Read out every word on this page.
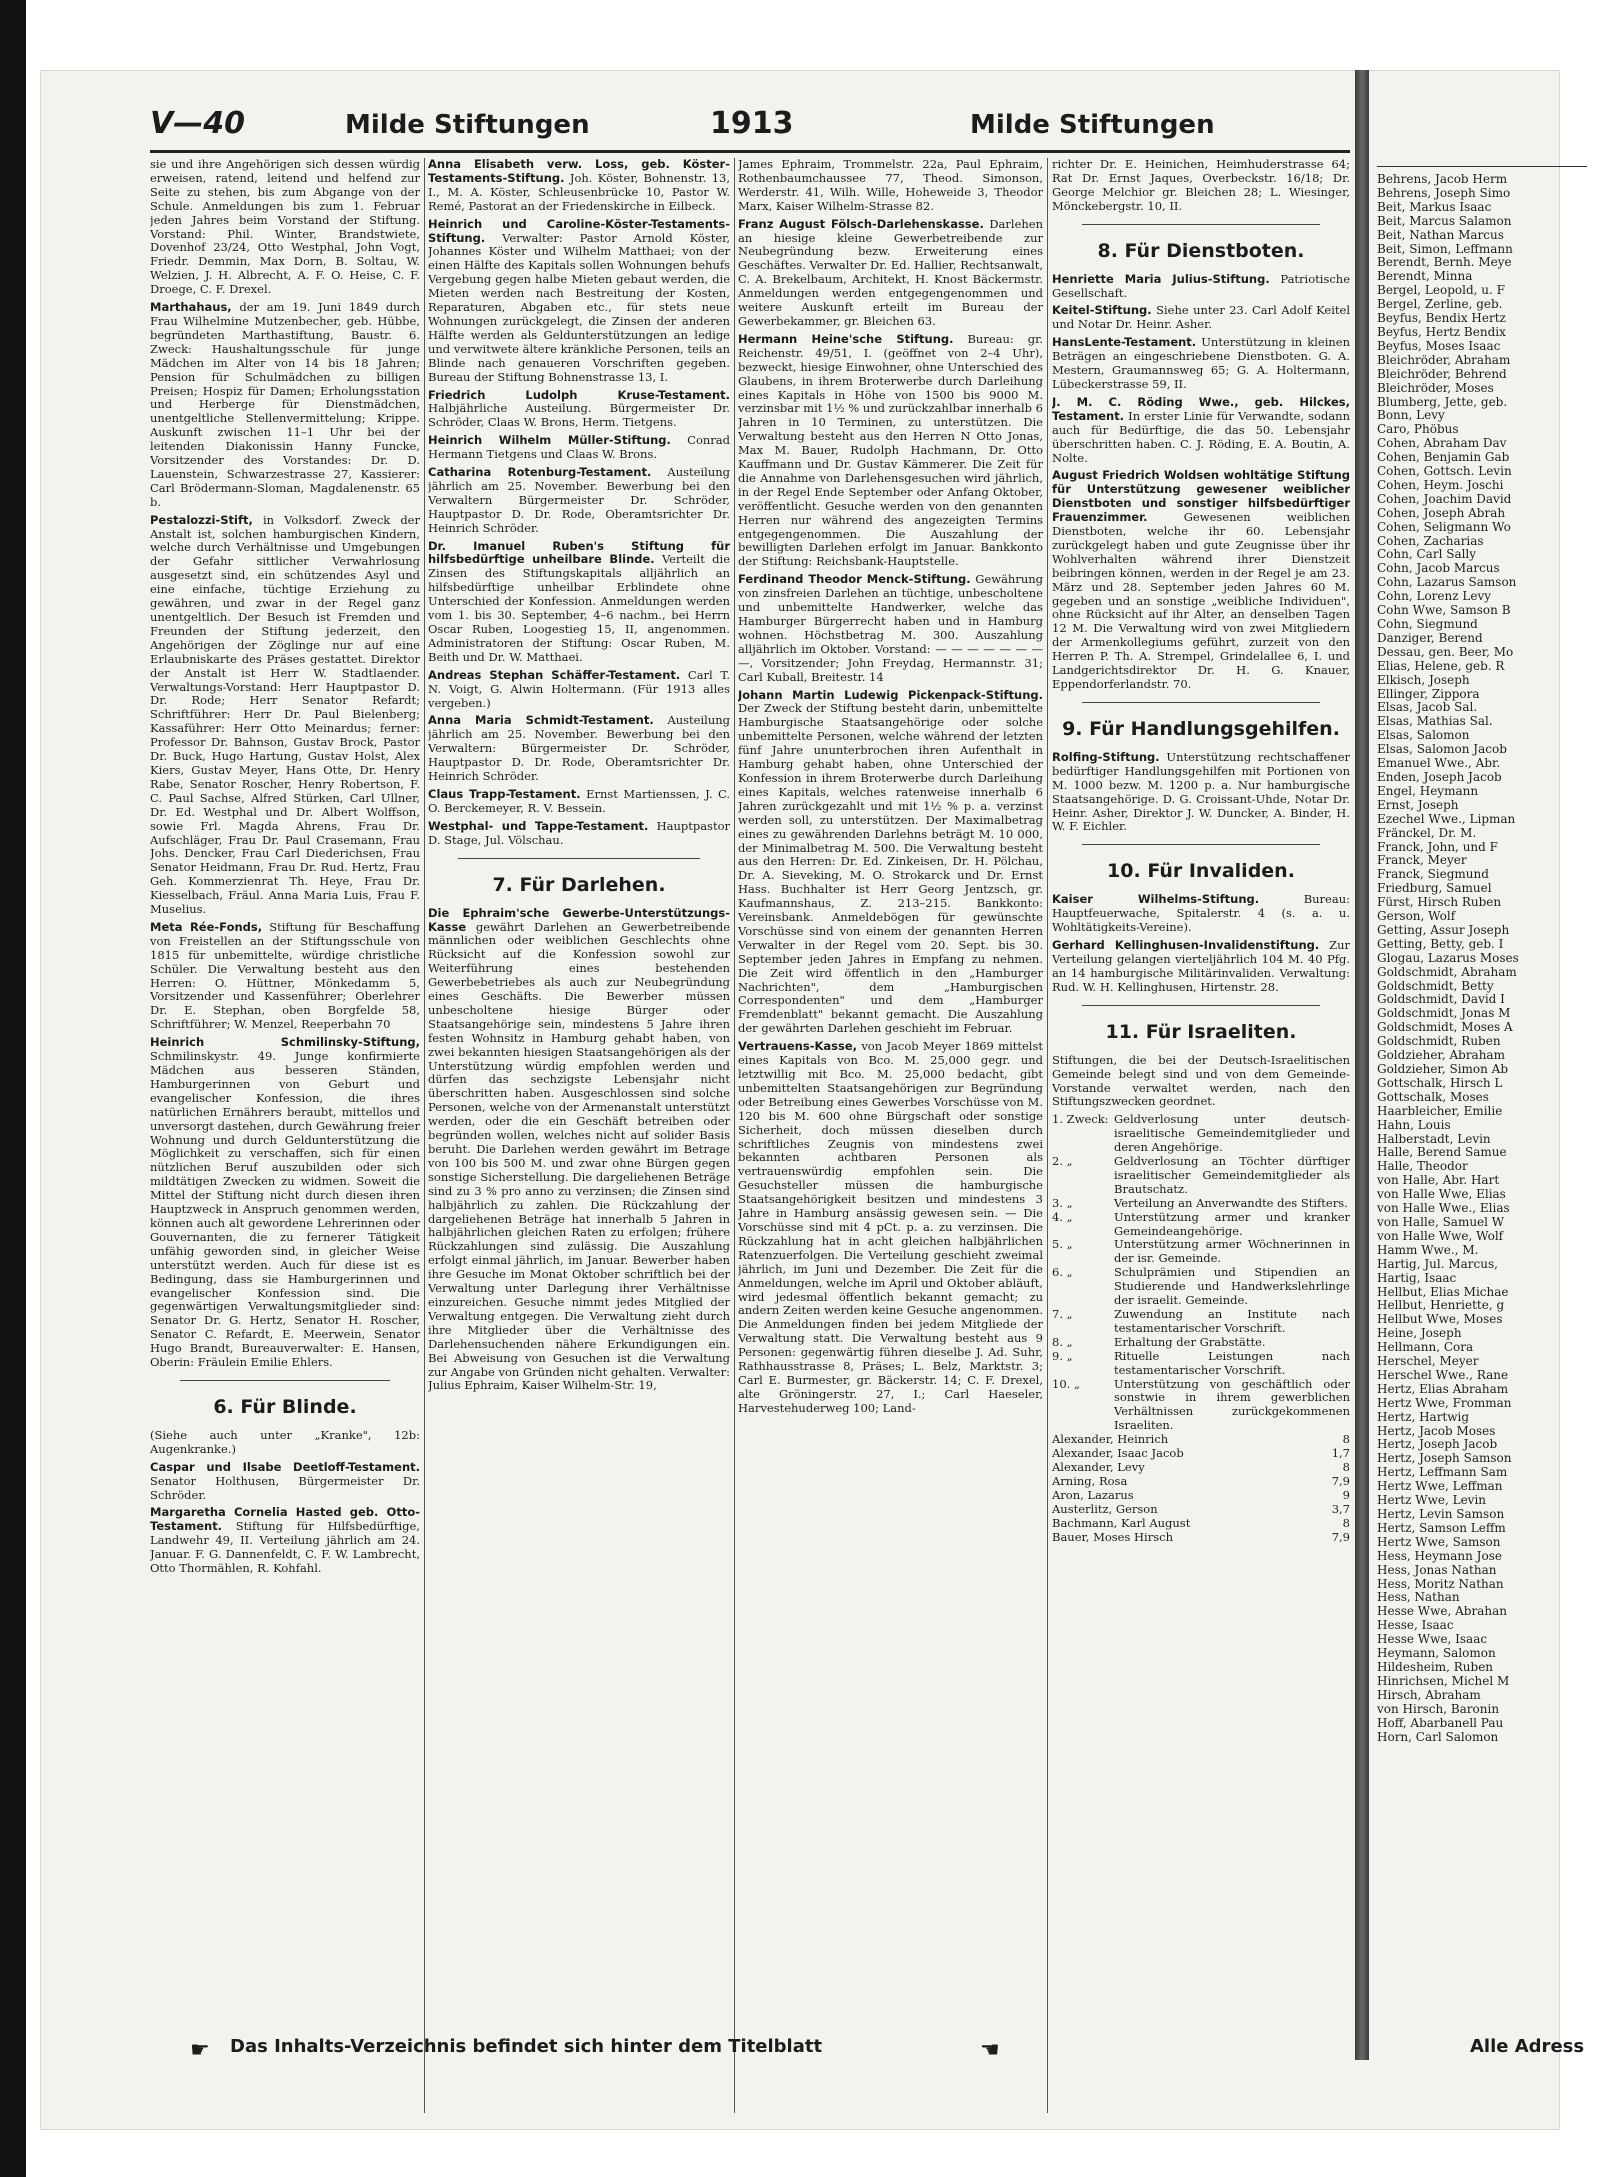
V—40	Milde Stiftungen	1913	Milde Stiftungen

sie und ihre Angehörigen sich dessen würdig erweisen, ratend, leitend und helfend zur Seite zu stehen, bis zum Abgange von der Schule. Anmeldungen bis zum 1. Februar jeden Jahres beim Vorstand der Stiftung. Vorstand: Phil. Winter, Brandstwiete, Dovenhof 23/24, Otto Westphal, John Vogt, Friedr. Demmin, Max Dorn, B. Soltau, W. Welzien, J. H. Albrecht, A. F. O. Heise, C. F. Droege, C. F. Drexel.

Marthahaus, der am 19. Juni 1849 durch Frau Wilhelmine Mutzenbecher, geb. Hübbe, begründeten Marthastiftung, Baustr. 6. Zweck: Haushaltungsschule für junge Mädchen im Alter von 14 bis 18 Jahren; Pension für Schulmädchen zu billigen Preisen; Hospiz für Damen; Erholungsstation und Herberge für Dienstmädchen, unentgeltliche Stellenvermittelung; Krippe. Auskunft zwischen 11–1 Uhr bei der leitenden Diakonissin Hanny Funcke, Vorsitzender des Vorstandes: Dr. D. Lauenstein, Schwarzestrasse 27, Kassierer: Carl Brödermann-Sloman, Magdalenenstr. 65 b.

Pestalozzi-Stift, in Volksdorf. Zweck der Anstalt ist, solchen hamburgischen Kindern, welche durch Verhältnisse und Umgebungen der Gefahr sittlicher Verwahrlosung ausgesetzt sind, ein schützendes Asyl und eine einfache, tüchtige Erziehung zu gewähren, und zwar in der Regel ganz unentgeltlich. Der Besuch ist Fremden und Freunden der Stiftung jederzeit, den Angehörigen der Zöglinge nur auf eine Erlaubniskarte des Präses gestattet. Direktor der Anstalt ist Herr W. Stadtlaender. Verwaltungs-Vorstand: Herr Hauptpastor D. Dr. Rode; Herr Senator Refardt; Schriftführer: Herr Dr. Paul Bielenberg; Kassaführer: Herr Otto Meinardus; ferner: Professor Dr. Bahnson, Gustav Brock, Pastor Dr. Buck, Hugo Hartung, Gustav Holst, Alex Kiers, Gustav Meyer, Hans Otte, Dr. Henry Rabe, Senator Roscher, Henry Robertson, F. C. Paul Sachse, Alfred Stürken, Carl Ullner, Dr. Ed. Westphal und Dr. Albert Wolffson, sowie Frl. Magda Ahrens, Frau Dr. Aufschläger, Frau Dr. Paul Crasemann, Frau Johs. Dencker, Frau Carl Diederichsen, Frau Senator Heidmann, Frau Dr. Rud. Hertz, Frau Geh. Kommerzienrat Th. Heye, Frau Dr. Kiesselbach, Fräul. Anna Maria Luis, Frau F. Muselius.

Meta Rée-Fonds, Stiftung für Beschaffung von Freistellen an der Stiftungsschule von 1815 für unbemittelte, würdige christliche Schüler. Die Verwaltung besteht aus den Herren: O. Hüttner, Mönkedamm 5, Vorsitzender und Kassenführer; Oberlehrer Dr. E. Stephan, oben Borgfelde 58, Schriftführer; W. Menzel, Reeperbahn 70

Heinrich Schmilinsky-Stiftung, Schmilinskystr. 49. Junge konfirmierte Mädchen aus besseren Ständen, Hamburgerinnen von Geburt und evangelischer Konfession, die ihres natürlichen Ernährers beraubt, mittellos und unversorgt dastehen, durch Gewährung freier Wohnung und durch Geldunterstützung die Möglichkeit zu verschaffen, sich für einen nützlichen Beruf auszubilden oder sich mildtätigen Zwecken zu widmen. Soweit die Mittel der Stiftung nicht durch diesen ihren Hauptzweck in Anspruch genommen werden, können auch alt gewordene Lehrerinnen oder Gouvernanten, die zu fernerer Tätigkeit unfähig geworden sind, in gleicher Weise unterstützt werden. Auch für diese ist es Bedingung, dass sie Hamburgerinnen und evangelischer Konfession sind. Die gegenwärtigen Verwaltungsmitglieder sind: Senator Dr. G. Hertz, Senator H. Roscher, Senator C. Refardt, E. Meerwein, Senator Hugo Brandt, Bureauverwalter: E. Hansen, Oberin: Fräulein Emilie Ehlers.

6. Für Blinde.

(Siehe auch unter „Kranke", 12b: Augenkranke.)

Caspar und Ilsabe Deetloff-Testament. Senator Holthusen, Bürgermeister Dr. Schröder.

Margaretha Cornelia Hasted geb. Otto-Testament. Stiftung für Hilfsbedürftige, Landwehr 49, II. Verteilung jährlich am 24. Januar. F. G. Dannenfeldt, C. F. W. Lambrecht, Otto Thormählen, R. Kohfahl.

Anna Elisabeth verw. Loss, geb. Köster-Testaments-Stiftung. Joh. Köster, Bohnenstr. 13, I., M. A. Köster, Schleusenbrücke 10, Pastor W. Remé, Pastorat an der Friedenskirche in Eilbeck.

Heinrich und Caroline-Köster-Testaments-Stiftung. Verwalter: Pastor Arnold Köster, Johannes Köster und Wilhelm Matthaei; von der einen Hälfte des Kapitals sollen Wohnungen behufs Vergebung gegen halbe Mieten gebaut werden, die Mieten werden nach Bestreitung der Kosten, Reparaturen, Abgaben etc., für stets neue Wohnungen zurückgelegt, die Zinsen der anderen Hälfte werden als Geldunterstützungen an ledige und verwitwete ältere kränkliche Personen, teils an Blinde nach genaueren Vorschriften gegeben. Bureau der Stiftung Bohnenstrasse 13, I.

Friedrich Ludolph Kruse-Testament. Halbjährliche Austeilung. Bürgermeister Dr. Schröder, Claas W. Brons, Herm. Tietgens.

Heinrich Wilhelm Müller-Stiftung. Conrad Hermann Tietgens und Claas W. Brons.

Catharina Rotenburg-Testament. Austeilung jährlich am 25. November. Bewerbung bei den Verwaltern Bürgermeister Dr. Schröder, Hauptpastor D. Dr. Rode, Oberamtsrichter Dr. Heinrich Schröder.

Dr. Imanuel Ruben's Stiftung für hilfsbedürftige unheilbare Blinde. Verteilt die Zinsen des Stiftungskapitals alljährlich an hilfsbedürftige unheilbar Erblindete ohne Unterschied der Konfession. Anmeldungen werden vom 1. bis 30. September, 4–6 nachm., bei Herrn Oscar Ruben, Loogestieg 15, II, angenommen. Administratoren der Stiftung: Oscar Ruben, M. Beith und Dr. W. Matthaei.

Andreas Stephan Schäffer-Testament. Carl T. N. Voigt, G. Alwin Holtermann. (Für 1913 alles vergeben.)

Anna Maria Schmidt-Testament. Austeilung jährlich am 25. November. Bewerbung bei den Verwaltern: Bürgermeister Dr. Schröder, Hauptpastor D. Dr. Rode, Oberamtsrichter Dr. Heinrich Schröder.

Claus Trapp-Testament. Ernst Martienssen, J. C. O. Berckemeyer, R. V. Bessein.

Westphal- und Tappe-Testament. Hauptpastor D. Stage, Jul. Völschau.

7. Für Darlehen.

Die Ephraim'sche Gewerbe-Unterstützungs-Kasse gewährt Darlehen an Gewerbetreibende männlichen oder weiblichen Geschlechts ohne Rücksicht auf die Konfession sowohl zur Weiterführung eines bestehenden Gewerbebetriebes als auch zur Neubegründung eines Geschäfts. Die Bewerber müssen unbescholtene hiesige Bürger oder Staatsangehörige sein, mindestens 5 Jahre ihren festen Wohnsitz in Hamburg gehabt haben, von zwei bekannten hiesigen Staatsangehörigen als der Unterstützung würdig empfohlen werden und dürfen das sechzigste Lebensjahr nicht überschritten haben. Ausgeschlossen sind solche Personen, welche von der Armenanstalt unterstützt werden, oder die ein Geschäft betreiben oder begründen wollen, welches nicht auf solider Basis beruht. Die Darlehen werden gewährt im Betrage von 100 bis 500 M. und zwar ohne Bürgen gegen sonstige Sicherstellung. Die dargeliehenen Beträge sind zu 3 % pro anno zu verzinsen; die Zinsen sind halbjährlich zu zahlen. Die Rückzahlung der dargeliehenen Beträge hat innerhalb 5 Jahren in halbjährlichen gleichen Raten zu erfolgen; frühere Rückzahlungen sind zulässig. Die Auszahlung erfolgt einmal jährlich, im Januar. Bewerber haben ihre Gesuche im Monat Oktober schriftlich bei der Verwaltung unter Darlegung ihrer Verhältnisse einzureichen. Gesuche nimmt jedes Mitglied der Verwaltung entgegen. Die Verwaltung zieht durch ihre Mitglieder über die Verhältnisse des Darlehensuchenden nähere Erkundigungen ein. Bei Abweisung von Gesuchen ist die Verwaltung zur Angabe von Gründen nicht gehalten. Verwalter: Julius Ephraim, Kaiser Wilhelm-Str. 19,

James Ephraim, Trommelstr. 22a, Paul Ephraim, Rothenbaumchaussee 77, Theod. Simonson, Werderstr. 41, Wilh. Wille, Hoheweide 3, Theodor Marx, Kaiser Wilhelm-Strasse 82.

Franz August Fölsch-Darlehenskasse. Darlehen an hiesige kleine Gewerbetreibende zur Neubegründung bezw. Erweiterung eines Geschäftes. Verwalter Dr. Ed. Hallier, Rechtsanwalt, C. A. Brekelbaum, Architekt, H. Knost Bäckermstr. Anmeldungen werden entgegengenommen und weitere Auskunft erteilt im Bureau der Gewerbekammer, gr. Bleichen 63.

Hermann Heine'sche Stiftung. Bureau: gr. Reichenstr. 49/51, I. (geöffnet von 2–4 Uhr), bezweckt, hiesige Einwohner, ohne Unterschied des Glaubens, in ihrem Broterwerbe durch Darleihung eines Kapitals in Höhe von 1500 bis 9000 M. verzinsbar mit 1½ % und zurückzahlbar innerhalb 6 Jahren in 10 Terminen, zu unterstützen. Die Verwaltung besteht aus den Herren N Otto Jonas, Max M. Bauer, Rudolph Hachmann, Dr. Otto Kauffmann und Dr. Gustav Kämmerer. Die Zeit für die Annahme von Darlehensgesuchen wird jährlich, in der Regel Ende September oder Anfang Oktober, veröffentlicht. Gesuche werden von den genannten Herren nur während des angezeigten Termins entgegengenommen. Die Auszahlung der bewilligten Darlehen erfolgt im Januar. Bankkonto der Stiftung: Reichsbank-Hauptstelle.

Ferdinand Theodor Menck-Stiftung. Gewährung von zinsfreien Darlehen an tüchtige, unbescholtene und unbemittelte Handwerker, welche das Hamburger Bürgerrecht haben und in Hamburg wohnen. Höchstbetrag M. 300. Auszahlung alljährlich im Oktober. Vorstand: — — — — — — — —, Vorsitzender; John Freydag, Hermannstr. 31; Carl Kuball, Breitestr. 14

Johann Martin Ludewig Pickenpack-Stiftung. Der Zweck der Stiftung besteht darin, unbemittelte Hamburgische Staatsangehörige oder solche unbemittelte Personen, welche während der letzten fünf Jahre ununterbrochen ihren Aufenthalt in Hamburg gehabt haben, ohne Unterschied der Konfession in ihrem Broterwerbe durch Darleihung eines Kapitals, welches ratenweise innerhalb 6 Jahren zurückgezahlt und mit 1½ % p. a. verzinst werden soll, zu unterstützen. Der Maximalbetrag eines zu gewährenden Darlehns beträgt M. 10 000, der Minimalbetrag M. 500. Die Verwaltung besteht aus den Herren: Dr. Ed. Zinkeisen, Dr. H. Pölchau, Dr. A. Sieveking, M. O. Strokarck und Dr. Ernst Hass. Buchhalter ist Herr Georg Jentzsch, gr. Kaufmannshaus, Z. 213–215. Bankkonto: Vereinsbank. Anmeldebögen für gewünschte Vorschüsse sind von einem der genannten Herren Verwalter in der Regel vom 20. Sept. bis 30. September jeden Jahres in Empfang zu nehmen. Die Zeit wird öffentlich in den „Hamburger Nachrichten", dem „Hamburgischen Correspondenten" und dem „Hamburger Fremdenblatt" bekannt gemacht. Die Auszahlung der gewährten Darlehen geschieht im Februar.

Vertrauens-Kasse, von Jacob Meyer 1869 mittelst eines Kapitals von Bco. M. 25,000 gegr. und letztwillig mit Bco. M. 25,000 bedacht, gibt unbemittelten Staatsangehörigen zur Begründung oder Betreibung eines Gewerbes Vorschüsse von M. 120 bis M. 600 ohne Bürgschaft oder sonstige Sicherheit, doch müssen dieselben durch schriftliches Zeugnis von mindestens zwei bekannten achtbaren Personen als vertrauenswürdig empfohlen sein. Die Gesuchsteller müssen die hamburgische Staatsangehörigkeit besitzen und mindestens 3 Jahre in Hamburg ansässig gewesen sein. — Die Vorschüsse sind mit 4 pCt. p. a. zu verzinsen. Die Rückzahlung hat in acht gleichen halbjährlichen Ratenzuerfolgen. Die Verteilung geschieht zweimal jährlich, im Juni und Dezember. Die Zeit für die Anmeldungen, welche im April und Oktober abläuft, wird jedesmal öffentlich bekannt gemacht; zu andern Zeiten werden keine Gesuche angenommen. Die Anmeldungen finden bei jedem Mitgliede der Verwaltung statt. Die Verwaltung besteht aus 9 Personen: gegenwärtig führen dieselbe J. Ad. Suhr, Rathhausstrasse 8, Präses; L. Belz, Marktstr. 3; Carl E. Burmester, gr. Bäckerstr. 14; C. F. Drexel, alte Gröningerstr. 27, I.; Carl Haeseler, Harvestehuderweg 100; Land-

richter Dr. E. Heinichen, Heimhuderstrasse 64; Rat Dr. Ernst Jaques, Overbeckstr. 16/18; Dr. George Melchior gr. Bleichen 28; L. Wiesinger, Mönckebergstr. 10, II.

8. Für Dienstboten.

Henriette Maria Julius-Stiftung. Patriotische Gesellschaft.

Keitel-Stiftung. Siehe unter 23. Carl Adolf Keitel und Notar Dr. Heinr. Asher.

HansLente-Testament. Unterstützung in kleinen Beträgen an eingeschriebene Dienstboten. G. A. Mestern, Graumannsweg 65; G. A. Holtermann, Lübeckerstrasse 59, II.

J. M. C. Röding Wwe., geb. Hilckes, Testament. In erster Linie für Verwandte, sodann auch für Bedürftige, die das 50. Lebensjahr überschritten haben. C. J. Röding, E. A. Boutin, A. Nolte.

August Friedrich Woldsen wohltätige Stiftung für Unterstützung gewesener weiblicher Dienstboten und sonstiger hilfsbedürftiger Frauenzimmer.	Gewesenen weiblichen Dienstboten, welche ihr 60. Lebensjahr zurückgelegt haben und gute Zeugnisse über ihr Wohlverhalten während ihrer Dienstzeit beibringen können, werden in der Regel je am 23. März und 28. September jeden Jahres 60 M. gegeben und an sonstige „weibliche Individuen", ohne Rücksicht auf ihr Alter, an denselben Tagen 12 M. Die Verwaltung wird von zwei Mitgliedern der Armenkollegiums geführt, zurzeit von den Herren P. Th. A. Strempel, Grindelallee 6, I. und Landgerichtsdirektor Dr. H. G. Knauer, Eppendorferlandstr. 70.

9. Für Handlungsgehilfen.

Rolfing-Stiftung. Unterstützung rechtschaffener bedürftiger Handlungsgehilfen mit Portionen von M. 1000 bezw. M. 1200 p. a. Nur hamburgische Staatsangehörige. D. G. Croissant-Uhde, Notar Dr. Heinr. Asher, Direktor J. W. Duncker, A. Binder, H. W. F. Eichler.

10. Für Invaliden.

Kaiser Wilhelms-Stiftung.	Bureau: Hauptfeuerwache, Spitalerstr. 4 (s. a. u. Wohltätigkeits-Vereine).

Gerhard Kellinghusen-Invalidenstiftung. Zur Verteilung gelangen vierteljährlich 104 M. 40 Pfg. an 14 hamburgische Militärinvaliden. Verwaltung: Rud. W. H. Kellinghusen, Hirtenstr. 28.

11. Für Israeliten.

Stiftungen, die bei der Deutsch-Israelitischen Gemeinde belegt sind und von dem Gemeinde-Vorstande verwaltet werden, nach den Stiftungszwecken geordnet.

1. Zweck: Geldverlosung unter deutsch-israelitische Gemeindemitglieder und deren Angehörige.
2. „	Geldverlosung an Töchter dürftiger israelitischer Gemeindemitglieder als Brautschatz.
3. „	Verteilung an Anverwandte des Stifters.
4. „	Unterstützung armer und kranker Gemeindeangehörige.
5. „	Unterstützung armer Wöchnerinnen in der isr. Gemeinde.
6. „	Schulprämien und Stipendien an Studierende und Handwerkslehrlinge der israelit. Gemeinde.
7. „	Zuwendung an Institute nach testamentarischer Vorschrift.
8. „	Erhaltung der Grabstätte.
9. „	Rituelle Leistungen nach testamentarischer Vorschrift.
10. „	Unterstützung von geschäftlich oder sonstwie in ihrem gewerblichen Verhältnissen zurückgekommenen Israeliten.
Alexander, Heinrich	8
Alexander, Isaac Jacob	1,7
Alexander, Levy	8
Arning, Rosa	7,9
Aron, Lazarus	9
Austerlitz, Gerson	3,7
Bachmann, Karl August	8
Bauer, Moses Hirsch	7,9
Behrens, Jacob Herm
Behrens, Joseph Simo
Beit, Markus Isaac
Beit, Marcus Salamon
Beit, Nathan Marcus
Beit, Simon, Leffmann
Berendt, Bernh. Meye
Berendt, Minna
Bergel, Leopold, u. F
Bergel, Zerline, geb.
Beyfus, Bendix Hertz
Beyfus, Hertz Bendix
Beyfus, Moses Isaac
Bleichröder, Abraham
Bleichröder, Behrend
Bleichröder, Moses
Blumberg, Jette, geb.
Bonn, Levy
Caro, Phöbus
Cohen, Abraham Dav
Cohen, Benjamin Gab
Cohen, Gottsch. Levin
Cohen, Heym. Joschi
Cohen, Joachim David
Cohen, Joseph Abrah
Cohen, Seligmann Wo
Cohen, Zacharias
Cohn, Carl Sally
Cohn, Jacob Marcus
Cohn, Lazarus Samson
Cohn, Lorenz Levy
Cohn Wwe, Samson B
Cohn, Siegmund
Danziger, Berend
Dessau, gen. Beer, Mo
Elias, Helene, geb. R
Elkisch, Joseph
Ellinger, Zippora
Elsas, Jacob Sal.
Elsas, Mathias Sal.
Elsas, Salomon
Elsas, Salomon Jacob
Emanuel Wwe., Abr.
Enden, Joseph Jacob
Engel, Heymann
Ernst, Joseph
Ezechel Wwe., Lipman
Fränckel, Dr. M.
Franck, John, und F
Franck, Meyer
Franck, Siegmund
Friedburg, Samuel
Fürst, Hirsch Ruben
Gerson, Wolf
Getting, Assur Joseph
Getting, Betty, geb. I
Glogau, Lazarus Moses
Goldschmidt, Abraham
Goldschmidt, Betty
Goldschmidt, David I
Goldschmidt, Jonas M
Goldschmidt, Moses A
Goldschmidt, Ruben
Goldzieher, Abraham
Goldzieher, Simon Ab
Gottschalk, Hirsch L
Gottschalk, Moses
Haarbleicher, Emilie
Hahn, Louis
Halberstadt, Levin
Halle, Berend Samue
Halle, Theodor
von Halle, Abr. Hart
von Halle Wwe, Elias
von Halle Wwe., Elias
von Halle, Samuel W
von Halle Wwe, Wolf
Hamm Wwe., M.
Hartig, Jul. Marcus,
Hartig, Isaac
Hellbut, Elias Michae
Hellbut, Henriette, g
Hellbut Wwe, Moses
Heine, Joseph
Hellmann, Cora
Herschel, Meyer
Herschel Wwe., Rane
Hertz, Elias Abraham
Hertz Wwe, Fromman
Hertz, Hartwig
Hertz, Jacob Moses
Hertz, Joseph Jacob
Hertz, Joseph Samson
Hertz, Leffmann Sam
Hertz Wwe, Leffman
Hertz Wwe, Levin
Hertz, Levin Samson
Hertz, Samson Leffm
Hertz Wwe, Samson
Hess, Heymann Jose
Hess, Jonas Nathan
Hess, Moritz Nathan
Hess, Nathan
Hesse Wwe, Abrahan
Hesse, Isaac
Hesse Wwe, Isaac
Heymann, Salomon
Hildesheim, Ruben
Hinrichsen, Michel M
Hirsch, Abraham
von Hirsch, Baronin
Hoff, Abarbanell Pau
Horn, Carl Salomon
☛ Das Inhalts-Verzeichnis befindet sich hinter dem Titelblatt	☚	Alle Adress
